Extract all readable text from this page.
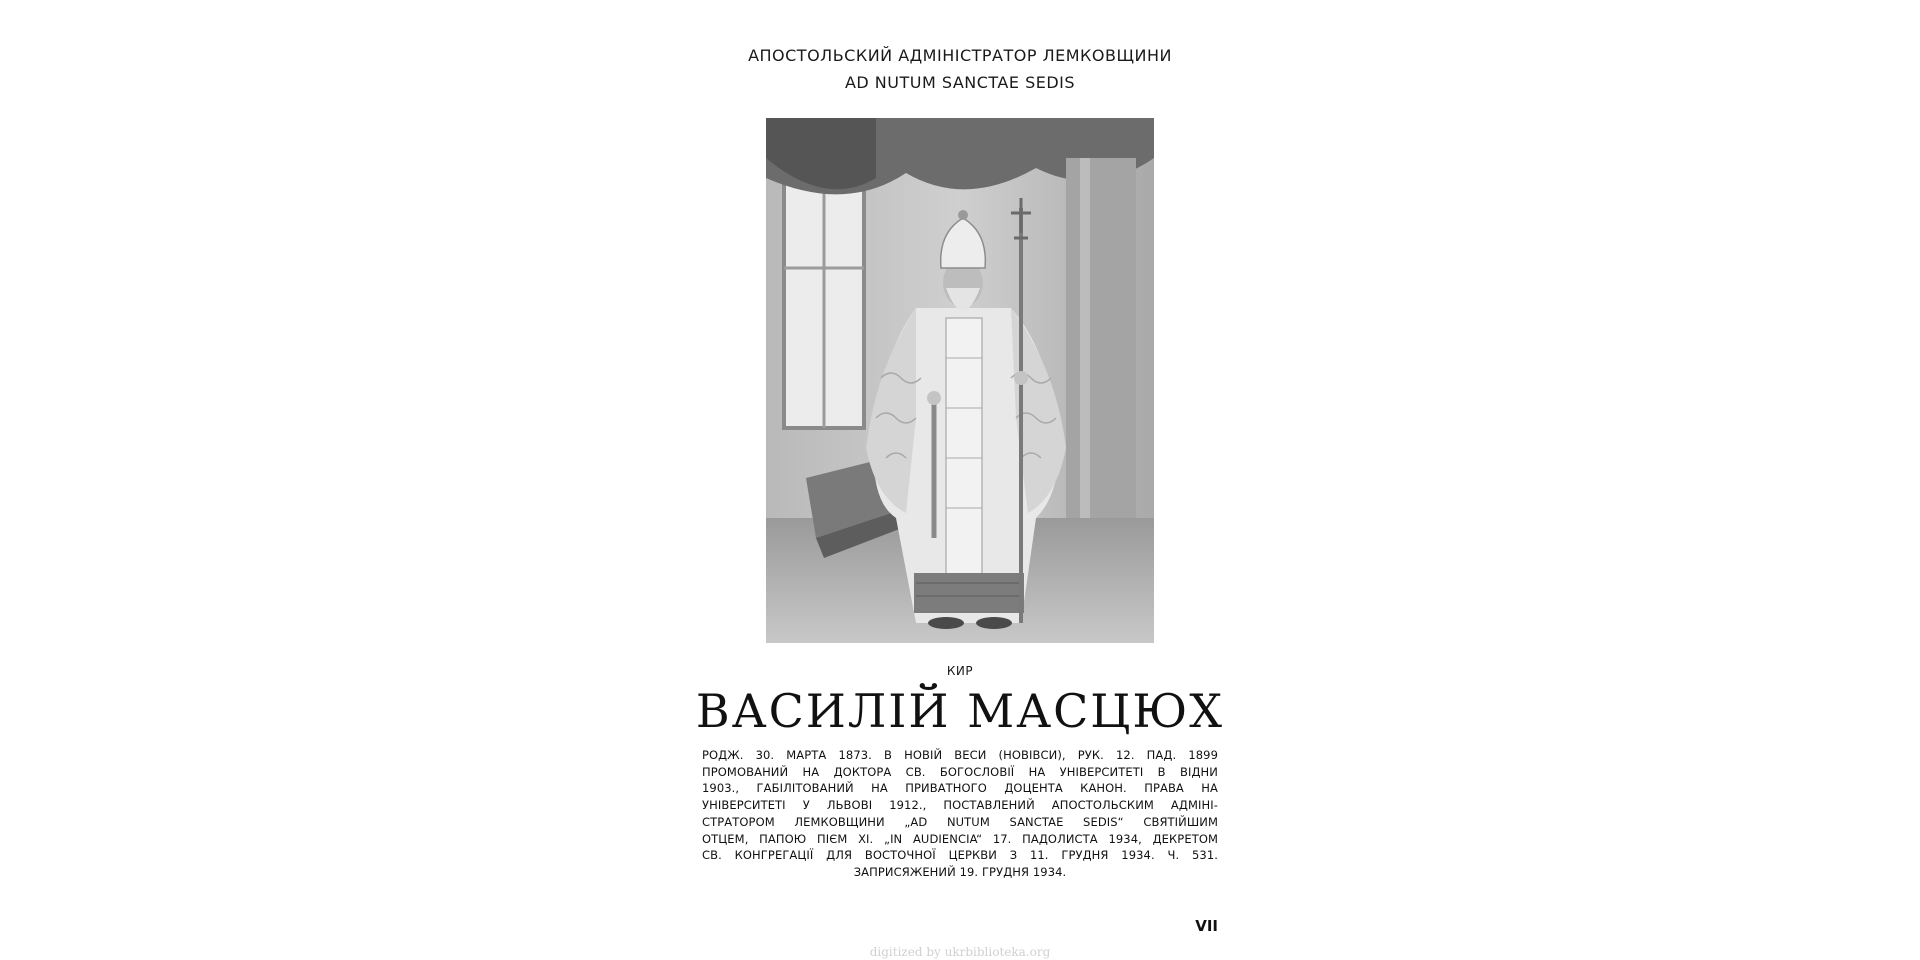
АПОСТОЛЬСКИЙ АДМІНІСТРАТОР ЛЕМКОВЩИНИ
AD NUTUM SANCTAE SEDIS
КИР
ВАСИЛІЙ МАСЦЮХ
РОДЖ. 30. МАРТА 1873. В НОВІЙ ВЕСИ (НОВІВСИ), РУК. 12. ПАД. 1899
ПРОМОВАНИЙ НА ДОКТОРА СВ. БОГОСЛОВІЇ НА УНІВЕРСИТЕТІ В ВІДНИ
1903., ГАБІЛІТОВАНИЙ НА ПРИВАТНОГО ДОЦЕНТА КАНОН. ПРАВА НА
УНІВЕРСИТЕТІ У ЛЬВОВІ 1912., ПОСТАВЛЕНИЙ АПОСТОЛЬСКИМ АДМІНІ-
СТРАТОРОМ ЛЕМКОВЩИНИ „AD NUTUM SANCTAE SEDIS“ СВЯТІЙШИМ
ОТЦЕМ, ПАПОЮ ПІЄМ XI. „IN AUDIENCIA“ 17. ПАДОЛИСТА 1934, ДЕКРЕТОМ
СВ. КОНГРЕГАЦІЇ ДЛЯ ВОСТОЧНОЇ ЦЕРКВИ З 11. ГРУДНЯ 1934. Ч. 531.
ЗАПРИСЯЖЕНИЙ 19. ГРУДНЯ 1934.
VII
digitized by ukrbiblioteka.org
